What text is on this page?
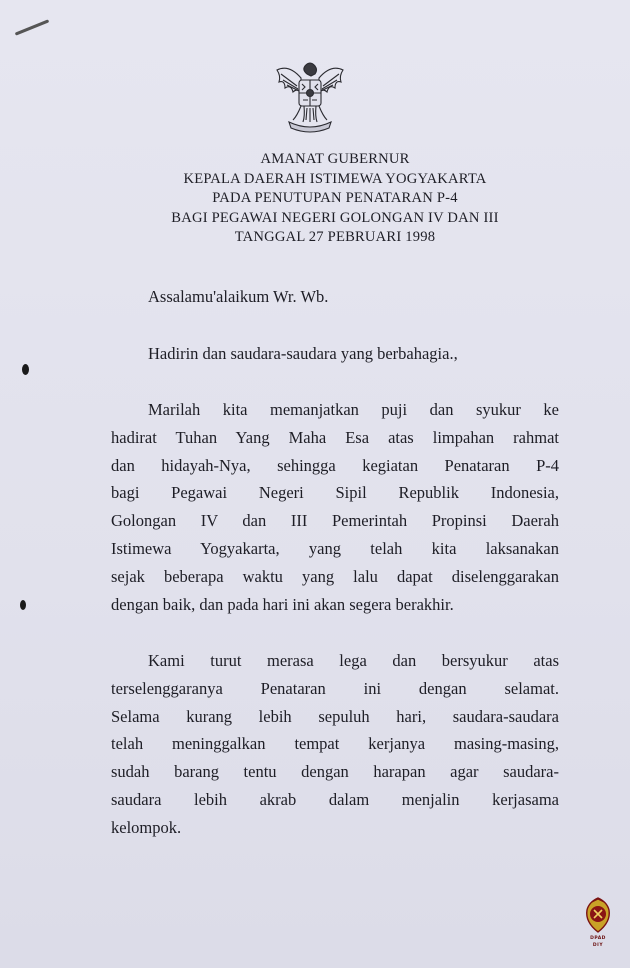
AMANAT GUBERNUR
KEPALA DAERAH ISTIMEWA YOGYAKARTA
PADA PENUTUPAN PENATARAN P-4
BAGI PEGAWAI NEGERI GOLONGAN IV DAN III
TANGGAL 27 PEBRUARI 1998
Assalamu'alaikum Wr. Wb.
Hadirin dan saudara-saudara yang berbahagia.,
Marilah kita memanjatkan puji dan syukur ke
hadirat Tuhan Yang Maha Esa atas limpahan rahmat
dan hidayah-Nya, sehingga kegiatan Penataran P-4
bagi Pegawai Negeri Sipil Republik Indonesia,
Golongan IV dan III Pemerintah Propinsi Daerah
Istimewa Yogyakarta, yang telah kita laksanakan
sejak beberapa waktu yang lalu dapat diselenggarakan
dengan baik, dan pada hari ini akan segera berakhir.
Kami turut merasa lega dan bersyukur atas
terselenggaranya Penataran ini dengan selamat.
Selama kurang lebih sepuluh hari, saudara-saudara
telah meninggalkan tempat kerjanya masing-masing,
sudah barang tentu dengan harapan agar saudara-
saudara lebih akrab dalam menjalin kerjasama
kelompok.
DPAD
DIY
